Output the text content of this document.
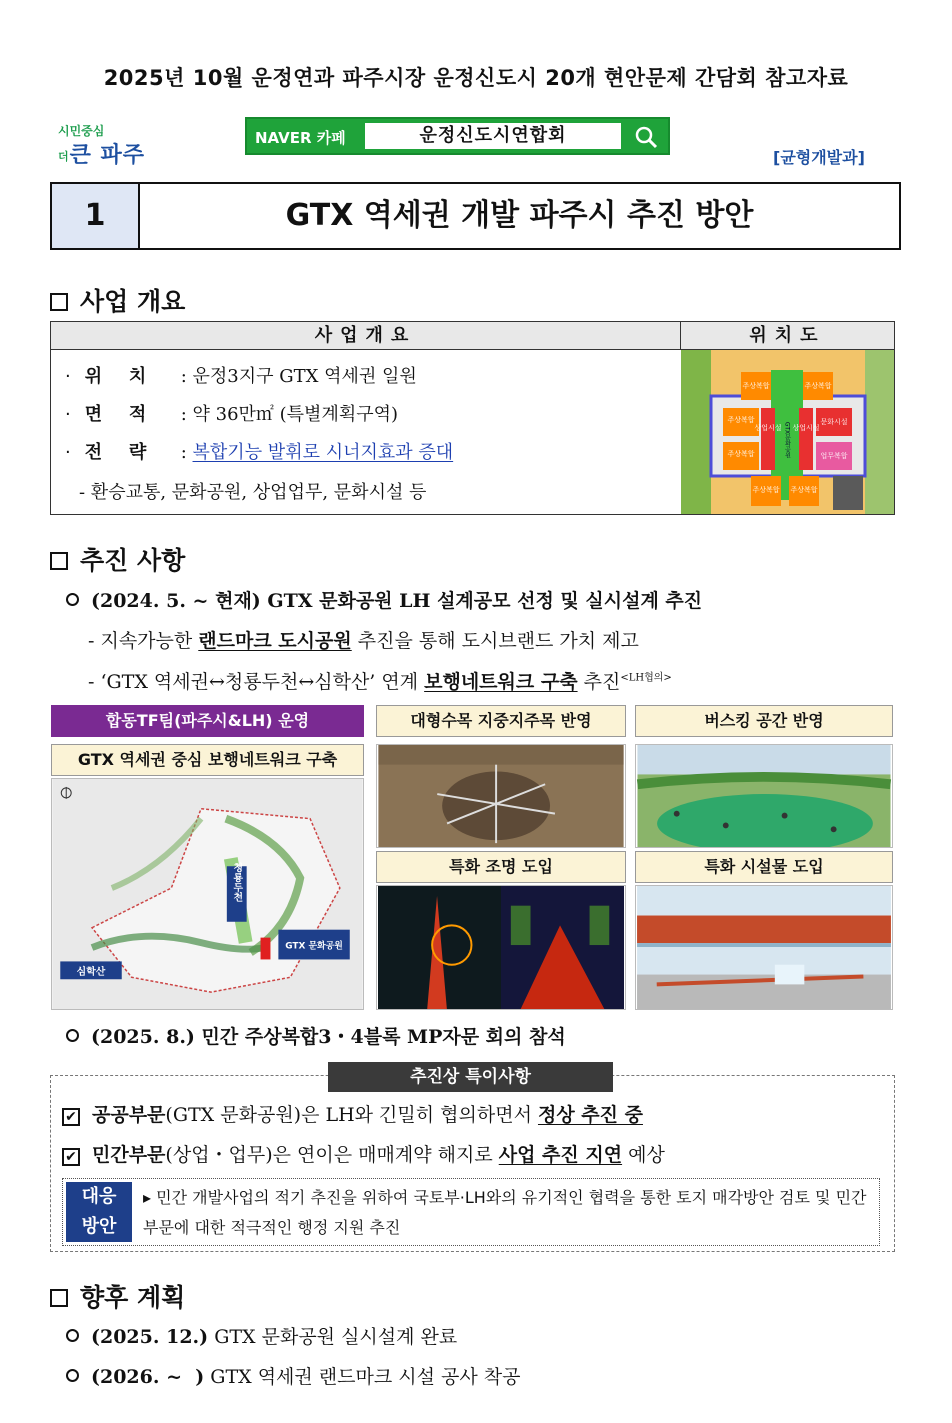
2025년 10월 운정연과 파주시장 운정신도시 20개 현안문제 간담회 참고자료
시민중심
더큰 파주
NAVER 카페	운정신도시연합회
[균형개발과]
1	GTX 역세권 개발 파주시 추진 방안
사업 개요
사업개요	위치도
· 위   치 : 운정3지구 GTX 역세권 일원
· 면   적 : 약 36만㎡ (특별계획구역)
· 전   략 : 복합기능 발휘로 시너지효과 증대
- 환승교통, 문화공원, 상업업무, 문화시설 등
주상복합
주상복합
주상복합	주상복합
상업시설 상업시설
문화시설
업무복합
주상복합 주상복합
GTX문화공원
추진 사항
(2024. 5. ~ 현재) GTX 문화공원 LH 설계공모 선정 및 실시설계 추진
- 지속가능한 랜드마크 도시공원 추진을 통해 도시브랜드 가치 제고
- ‘GTX 역세권↔청룡두천↔심학산’ 연계 보행네트워크 구축 추진$^{<LH협의>}$
합동TF팀(파주시&LH) 운영	대형수목 지중지주목 반영	버스킹 공간 반영
GTX 역세권 중심 보행네트워크 구축
특화 조명 도입	특화 시설물 도입
청룡두천
GTX 문화공원
심학산
(2025. 8.) 민간 주상복합3・4블록 MP자문 회의 참석
추진상 특이사항
✔ 공공부문(GTX 문화공원)은 LH와 긴밀히 협의하면서 정상 추진 중
✔ 민간부문(상업・업무)은 연이은 매매계약 해지로 사업 추진 지연 예상
대응
방안
▸ 민간 개발사업의 적기 추진을 위하여 국토부·LH와의 유기적인 협력을 통한 토지 매각방안 검토 및 민간부문에 대한 적극적인 행정 지원 추진
향후 계획
(2025. 12.) GTX 문화공원 실시설계 완료
(2026. ~  ) GTX 역세권 랜드마크 시설 공사 착공
